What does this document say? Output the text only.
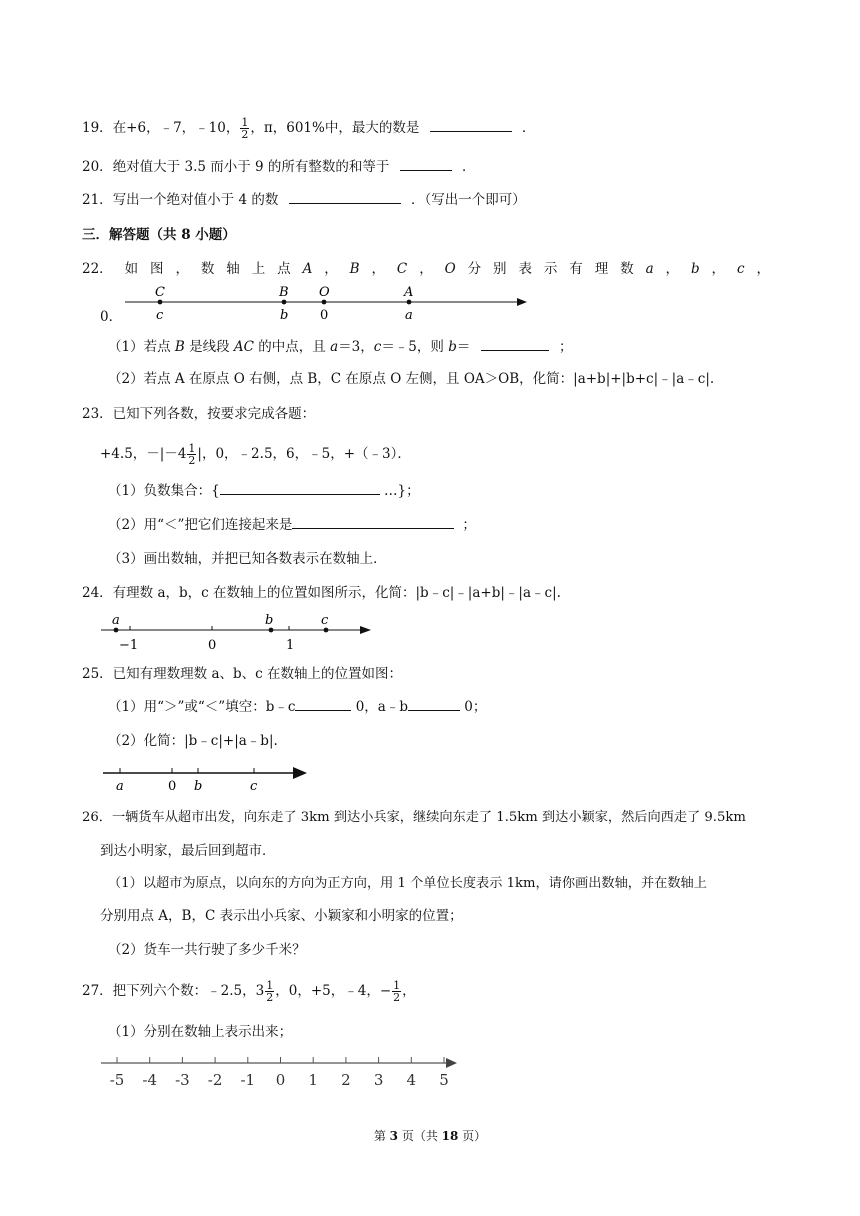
19．在+6，﹣7，﹣10， $\frac{1}{2}$ ，π，601%中，最大的数是	．
20．绝对值大于 3.5 而小于 9 的所有整数的和等于	．
21．写出一个绝对值小于 4 的数	．（写出一个即可）
三．解答题（共 8 小题）
22． 如 图 ， 数 轴 上 点 A ， B ， C ， O 分 别 表 示 有 理 数 a ， b ， c ，
C
c
B
b
O
0
A
a
0．
（1）若点 B 是线段 AC 的中点，且 a＝3，c＝﹣5，则 b＝	；
（2）若点 A 在原点 O 右侧，点 B，C 在原点 O 左侧，且 OA＞OB，化简：|a+b|+|b+c|﹣|a﹣c|.
23．已知下列各数，按要求完成各题：
+4.5，$-|-4 \frac{1}{2}$ |，0，﹣2.5，6，﹣5，+（﹣3）．
（1）负数集合：{	…}；
（2）用“＜”把它们连接起来是	；
（3）画出数轴，并把已知各数表示在数轴上．
24．有理数 a，b，c 在数轴上的位置如图所示，化简：|b﹣c|﹣|a+b|﹣|a﹣c|.
a
−1	0
b
1
c
25．已知有理数理数 a、b、c 在数轴上的位置如图：
（1）用“＞”或“＜”填空：b﹣c	0，a﹣b	0；
（2）化简：|b﹣c|+|a﹣b|.
a	0 b	c
26．一辆货车从超市出发，向东走了 3km 到达小兵家，继续向东走了 1.5km 到达小颖家，然后向西走了 9.5km
到达小明家，最后回到超市．
（1）以超市为原点，以向东的方向为正方向，用 1 个单位长度表示 1km，请你画出数轴，并在数轴上
分别用点 A，B，C 表示出小兵家、小颖家和小明家的位置；
（2）货车一共行驶了多少千米？
27．把下列六个数：﹣2.5，$3 \frac{1}{2}$ ，0，+5，﹣4，− $\frac{1}{2}$ ，
（1）分别在数轴上表示出来；
-5 -4 -3 -2 -1 0 1 2 3 4 5
第 3 页（共 18 页）
